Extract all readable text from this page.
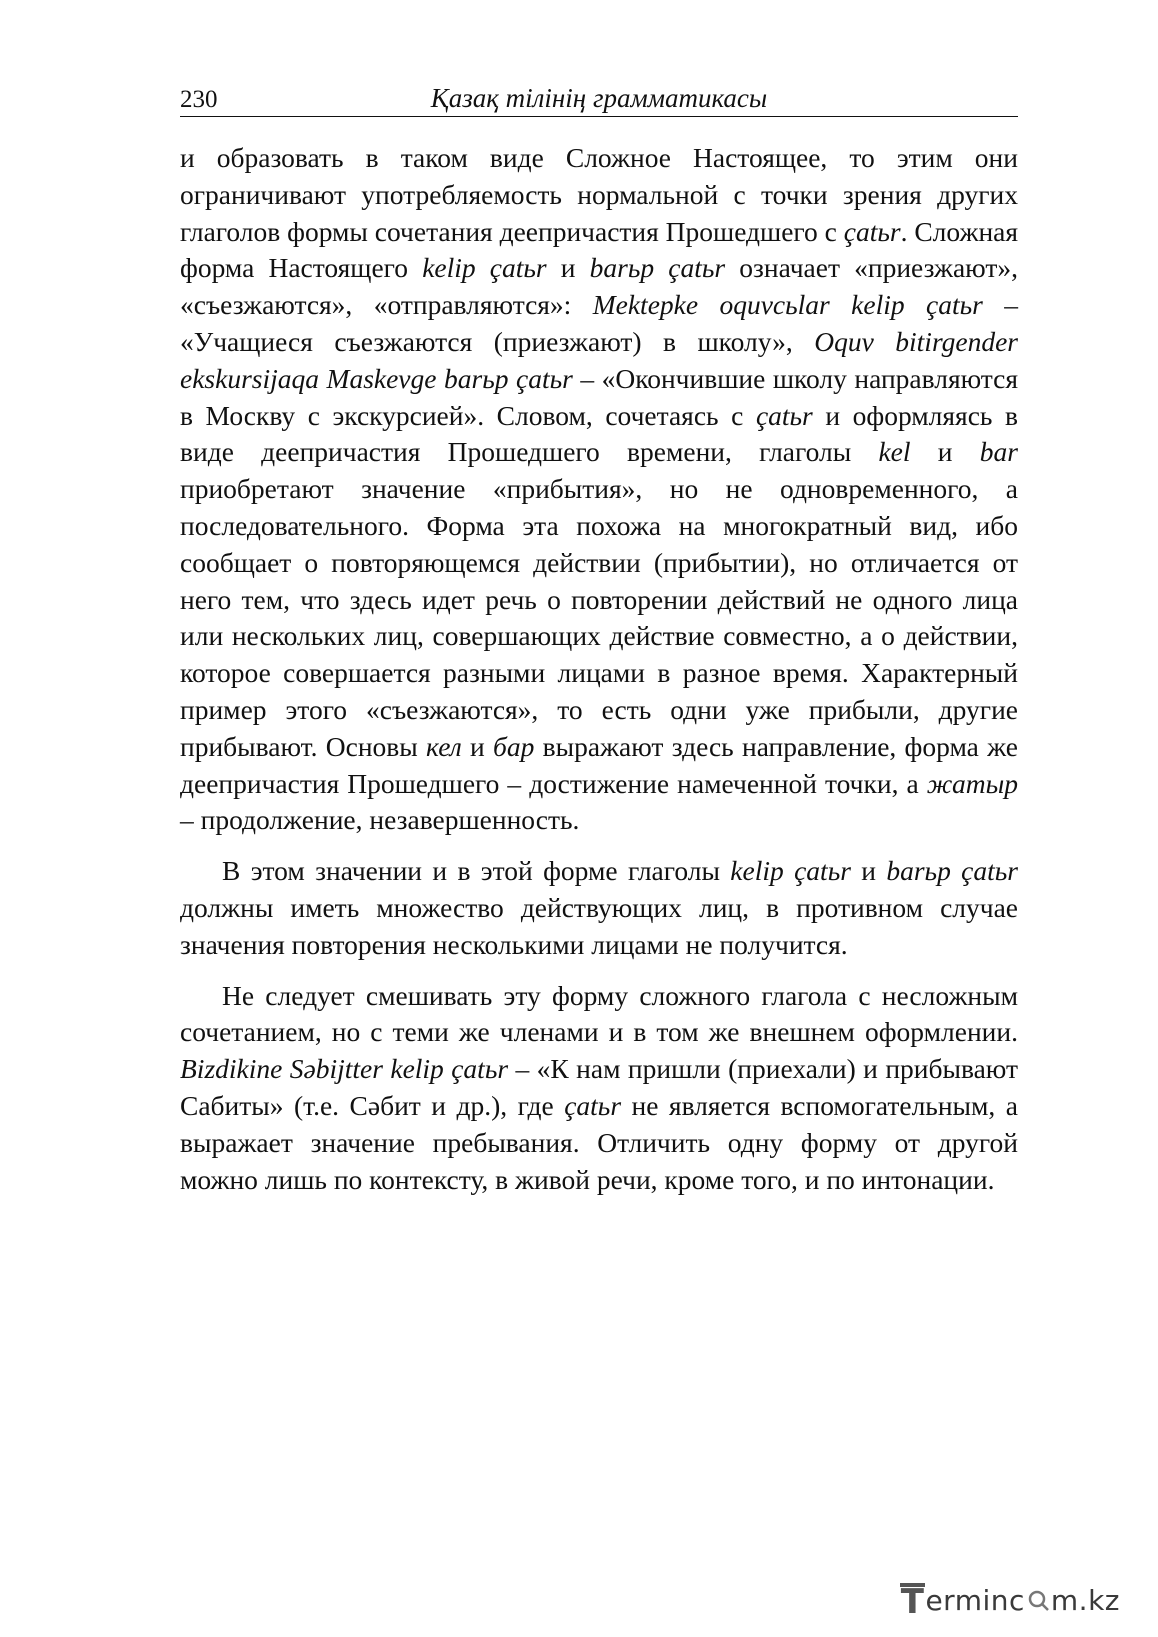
230	Қазақ тілінің грамматикасы

и образовать в таком виде Сложное Настоящее, то этим они ограничивают употребляемость нормальной с точки зрения других глаголов формы сочетания деепричастия Прошедшего с çatьr. Сложная форма Настоящего kelip çatьr и barьp çatьr означает «приезжают», «съезжаются», «отправляются»: Mektepke oquvcьlar kelip çatьr – «Учащиеся съезжаются (приезжают) в школу», Oquv bitirgender ekskursijaqa Maskevge barьp çatьr – «Окончившие школу направляются в Москву с экскурсией». Словом, сочетаясь с çatьr и оформляясь в виде деепричастия Прошедшего времени, глаголы kel и bar приобретают значение «прибытия», но не одновременного, а последовательного. Форма эта похожа на многократный вид, ибо сообщает о повторяющемся действии (прибытии), но отличается от него тем, что здесь идет речь о повторении действий не одного лица или нескольких лиц, совершающих действие совместно, а о действии, которое совершается разными лицами в разное время. Характерный пример этого «съезжаются», то есть одни уже прибыли, другие прибывают. Основы кел и бар выражают здесь направление, форма же деепричастия Прошедшего – достижение намеченной точки, а жатыр – продолжение, незавершенность.

В этом значении и в этой форме глаголы kelip çatьr и barьp çatьr должны иметь множество действующих лиц, в противном случае значения повторения несколькими лицами не получится.

Не следует смешивать эту форму сложного глагола с несложным сочетанием, но с теми же членами и в том же внешнем оформлении. Bizdikine Səbijtter kelip çatьr – «К нам пришли (приехали) и прибывают Сабиты» (т.е. Сәбит и др.), где çatьr не является вспомогательным, а выражает значение пребывания. Отличить одну форму от другой можно лишь по контексту, в живой речи, кроме того, и по интонации.

T erminc m.kz
